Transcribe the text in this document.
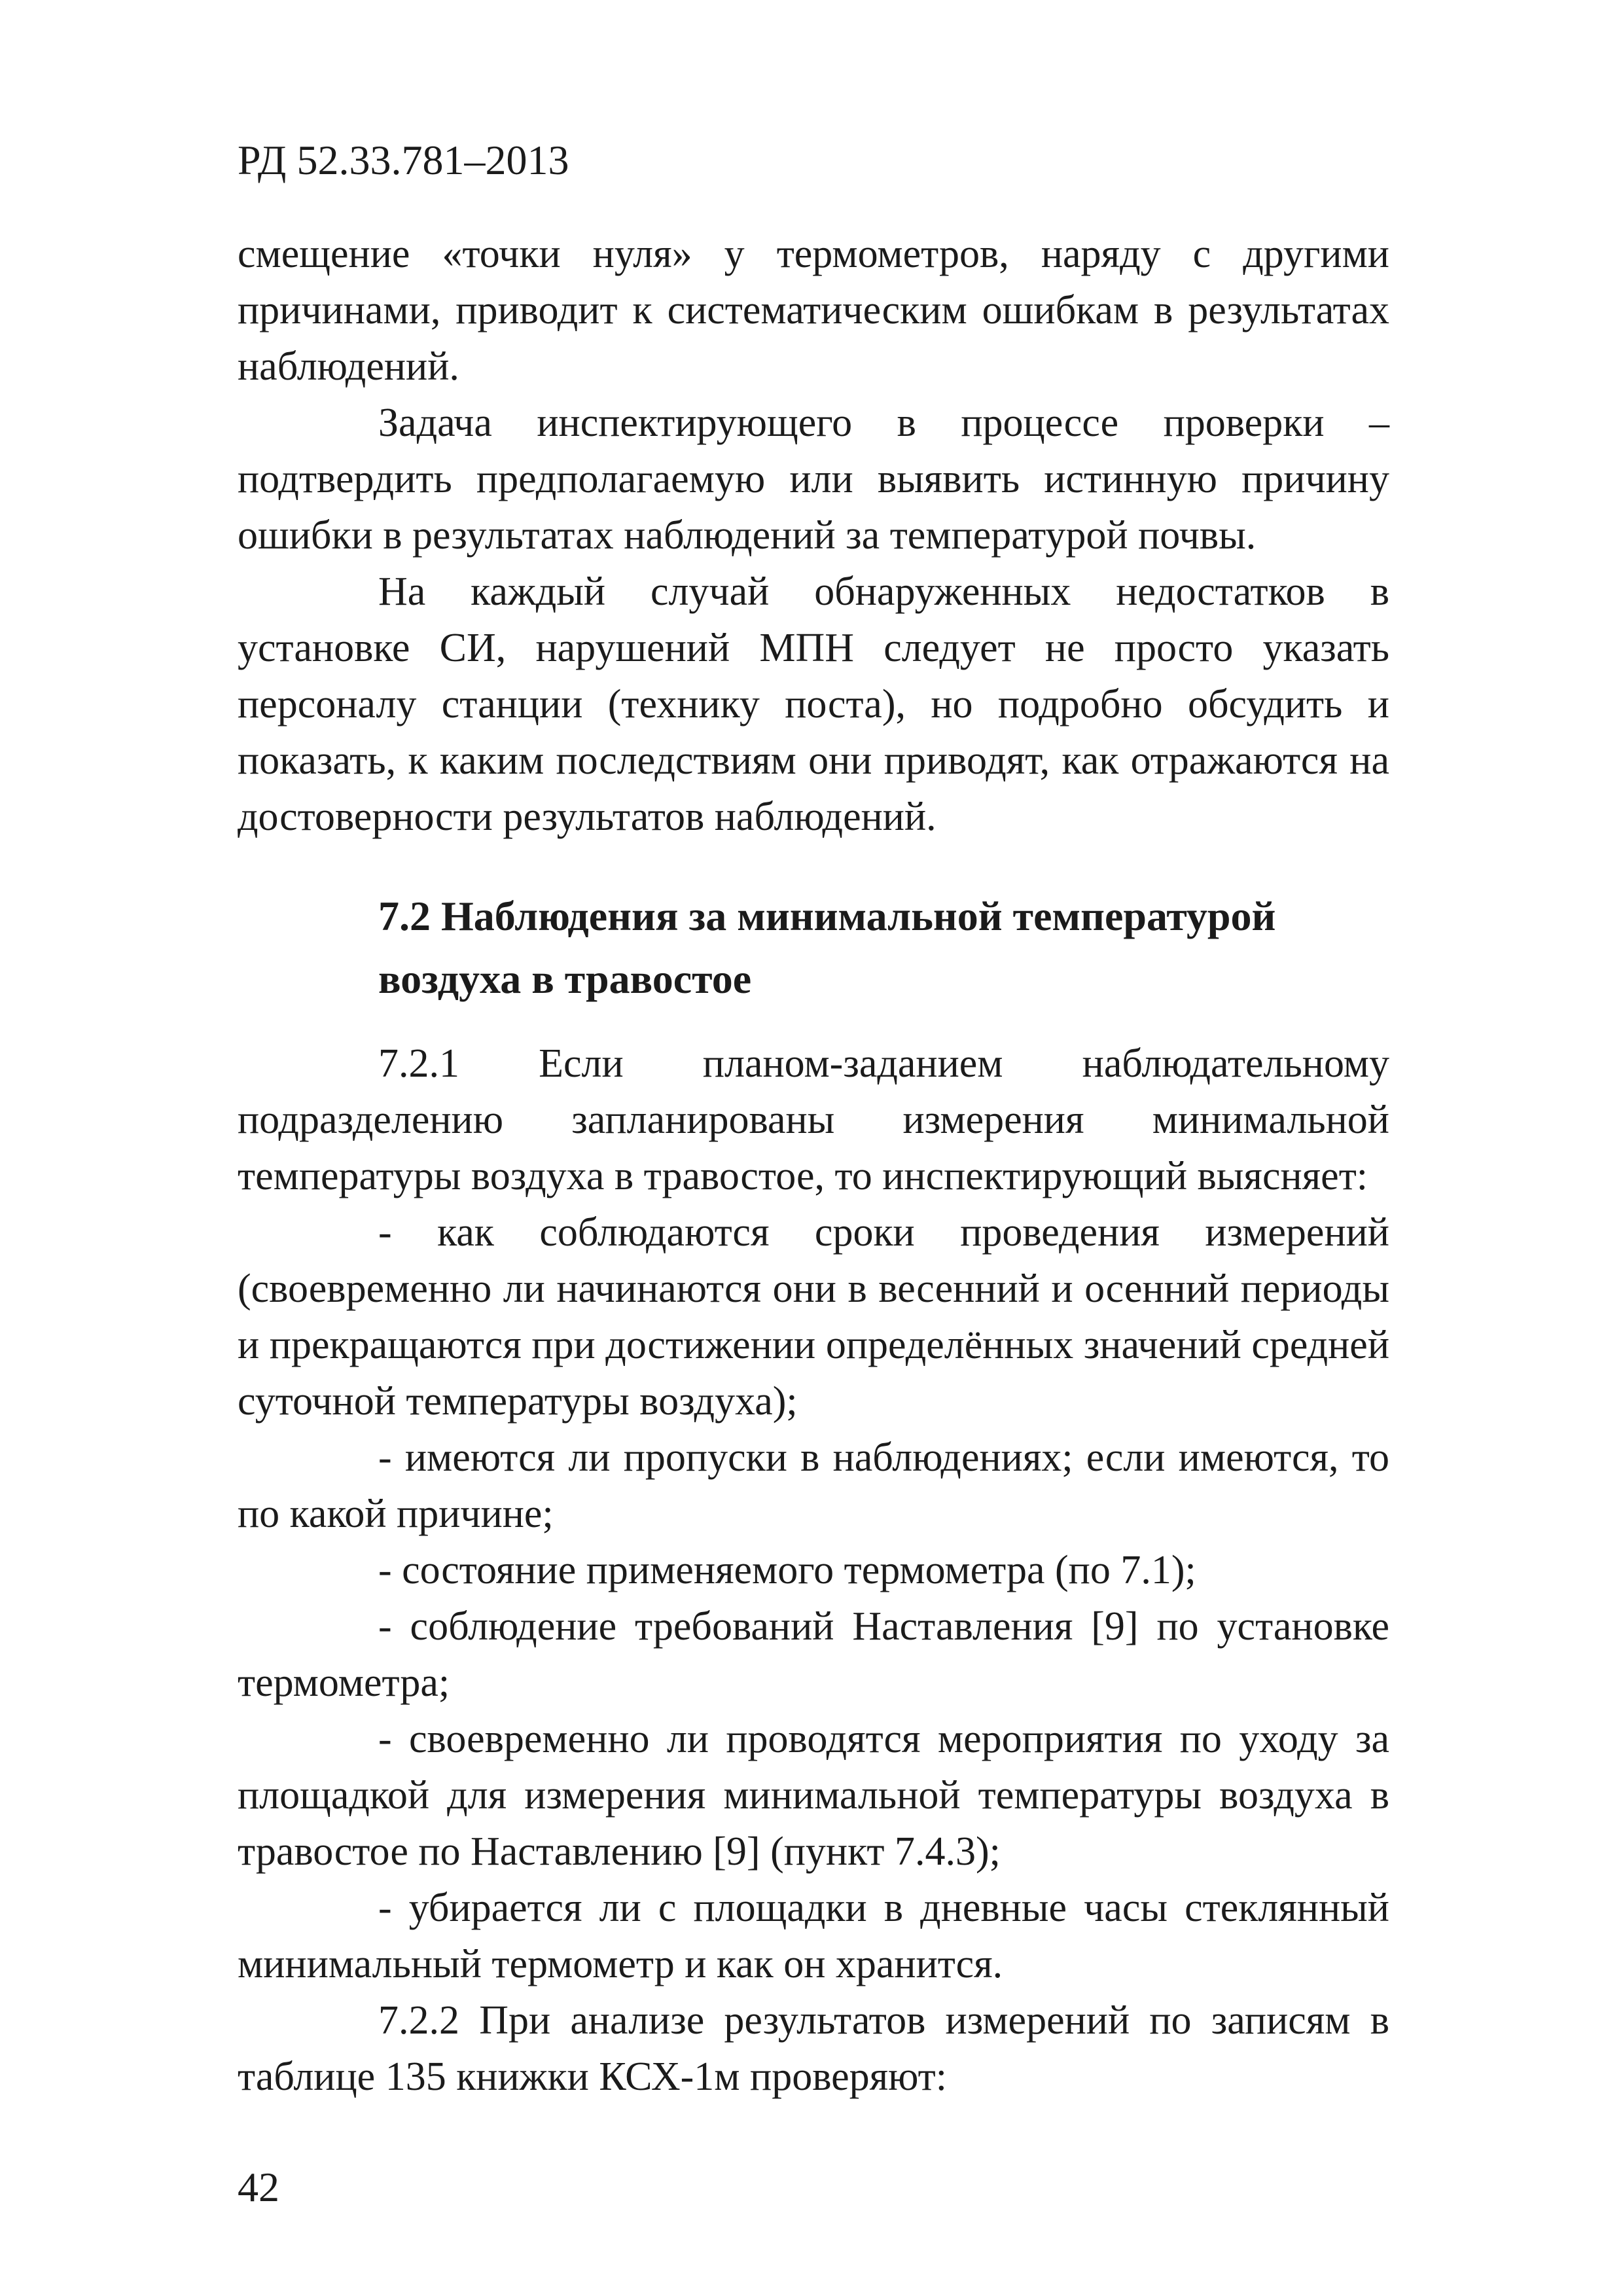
РД 52.33.781–2013

смещение «точки нуля» у термометров, наряду с другими причинами, приводит к систематическим ошибкам в результатах наблюдений.

Задача инспектирующего в процессе проверки – подтвердить предполагаемую или выявить истинную причину ошибки в результатах наблюдений за температурой почвы.

На каждый случай обнаруженных недостатков в установке СИ, нарушений МПН следует не просто указать персоналу станции (технику поста), но подробно обсудить и показать, к каким последствиям они приводят, как отражаются на достоверности результатов наблюдений.

7.2 Наблюдения за минимальной температурой воздуха в травостое

7.2.1 Если планом-заданием наблюдательному подразделению запланированы измерения минимальной температуры воздуха в травостое, то инспектирующий выясняет:

- как соблюдаются сроки проведения измерений (своевременно ли начинаются они в весенний и осенний периоды и прекращаются при достижении определённых значений средней суточной температуры воздуха);

- имеются ли пропуски в наблюдениях; если имеются, то по какой причине;

- состояние применяемого термометра (по 7.1);

- соблюдение требований Наставления [9] по установке термометра;

- своевременно ли проводятся мероприятия по уходу за площадкой для измерения минимальной температуры воздуха в травостое по Наставлению [9] (пункт 7.4.3);

- убирается ли с площадки в дневные часы стеклянный минимальный термометр и как он хранится.

7.2.2 При анализе результатов измерений по записям в таблице 135 книжки КСХ-1м проверяют:

42
